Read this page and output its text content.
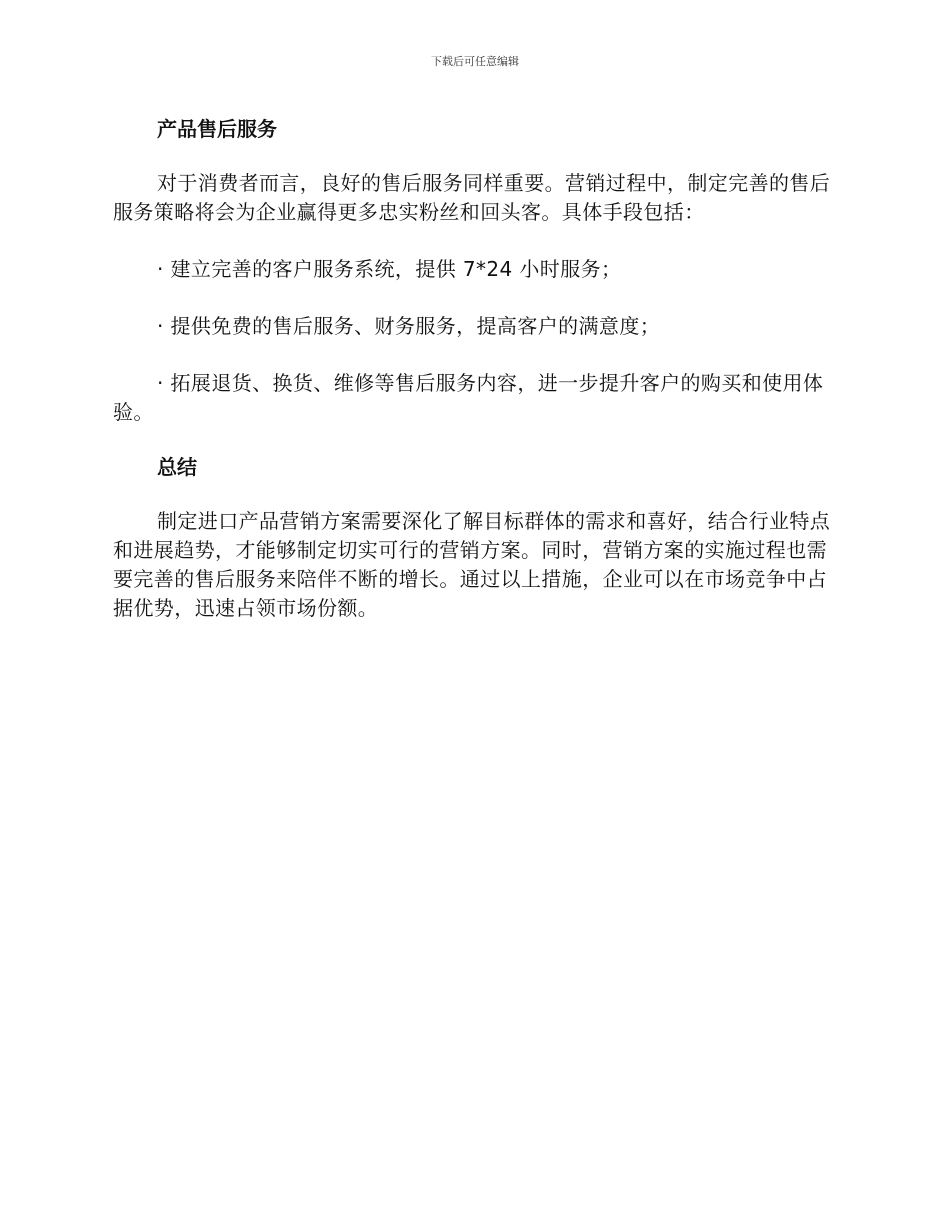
下载后可任意编辑
产品售后服务

对于消费者而言，良好的售后服务同样重要。营销过程中，制定完善的售后服务策略将会为企业赢得更多忠实粉丝和回头客。具体手段包括：

· 建立完善的客户服务系统，提供 7*24 小时服务；

· 提供免费的售后服务、财务服务，提高客户的满意度；

· 拓展退货、换货、维修等售后服务内容，进一步提升客户的购买和使用体验。

总结

制定进口产品营销方案需要深化了解目标群体的需求和喜好，结合行业特点和进展趋势，才能够制定切实可行的营销方案。同时，营销方案的实施过程也需要完善的售后服务来陪伴不断的增长。通过以上措施，企业可以在市场竞争中占据优势，迅速占领市场份额。
